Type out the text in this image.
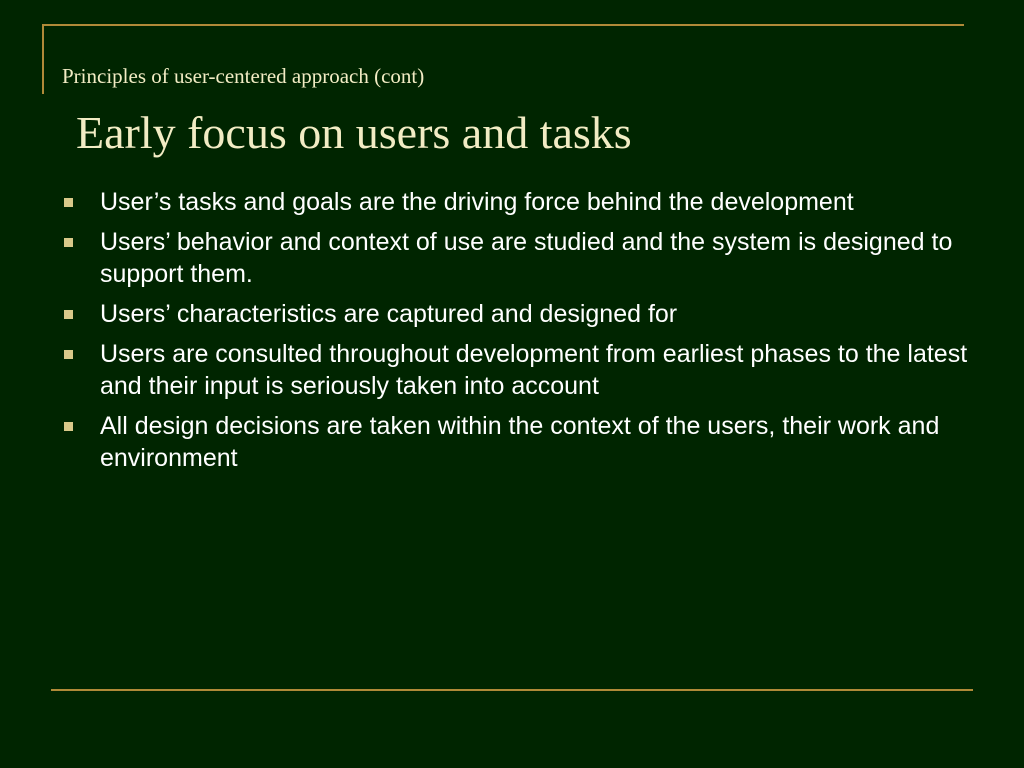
Principles of user-centered approach (cont)
Early focus on users and tasks
User’s tasks and goals are the driving force behind the development
Users’ behavior and context of use are studied and the system is designed to support them.
Users’ characteristics are captured and designed for
Users are consulted throughout development from earliest phases to the latest and their input is seriously taken into account
All design decisions are taken within the context of the users, their work and environment
